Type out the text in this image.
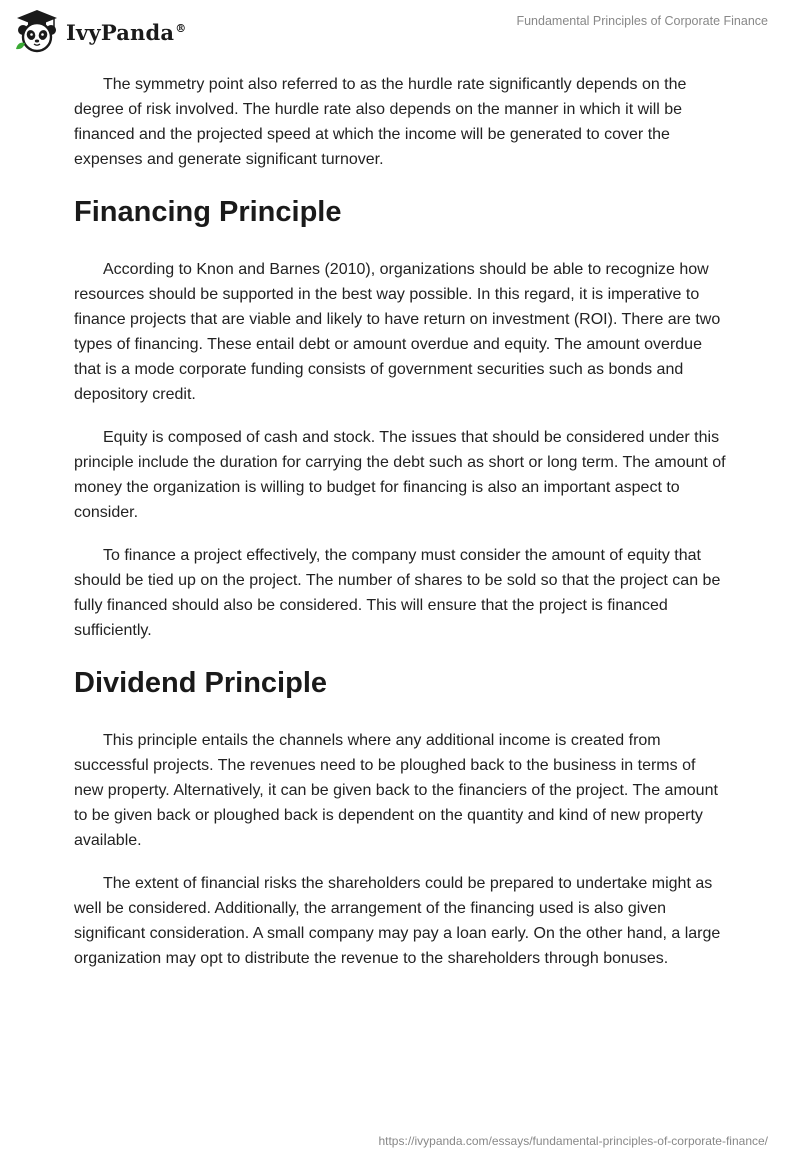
IvyPanda®	Fundamental Principles of Corporate Finance

The symmetry point also referred to as the hurdle rate significantly depends on the degree of risk involved. The hurdle rate also depends on the manner in which it will be financed and the projected speed at which the income will be generated to cover the expenses and generate significant turnover.

Financing Principle

According to Knon and Barnes (2010), organizations should be able to recognize how resources should be supported in the best way possible. In this regard, it is imperative to finance projects that are viable and likely to have return on investment (ROI). There are two types of financing. These entail debt or amount overdue and equity. The amount overdue that is a mode corporate funding consists of government securities such as bonds and depository credit.

Equity is composed of cash and stock. The issues that should be considered under this principle include the duration for carrying the debt such as short or long term. The amount of money the organization is willing to budget for financing is also an important aspect to consider.

To finance a project effectively, the company must consider the amount of equity that should be tied up on the project. The number of shares to be sold so that the project can be fully financed should also be considered. This will ensure that the project is financed sufficiently.

Dividend Principle

This principle entails the channels where any additional income is created from successful projects. The revenues need to be ploughed back to the business in terms of new property. Alternatively, it can be given back to the financiers of the project. The amount to be given back or ploughed back is dependent on the quantity and kind of new property available.

The extent of financial risks the shareholders could be prepared to undertake might as well be considered. Additionally, the arrangement of the financing used is also given significant consideration. A small company may pay a loan early. On the other hand, a large organization may opt to distribute the revenue to the shareholders through bonuses.

https://ivypanda.com/essays/fundamental-principles-of-corporate-finance/
